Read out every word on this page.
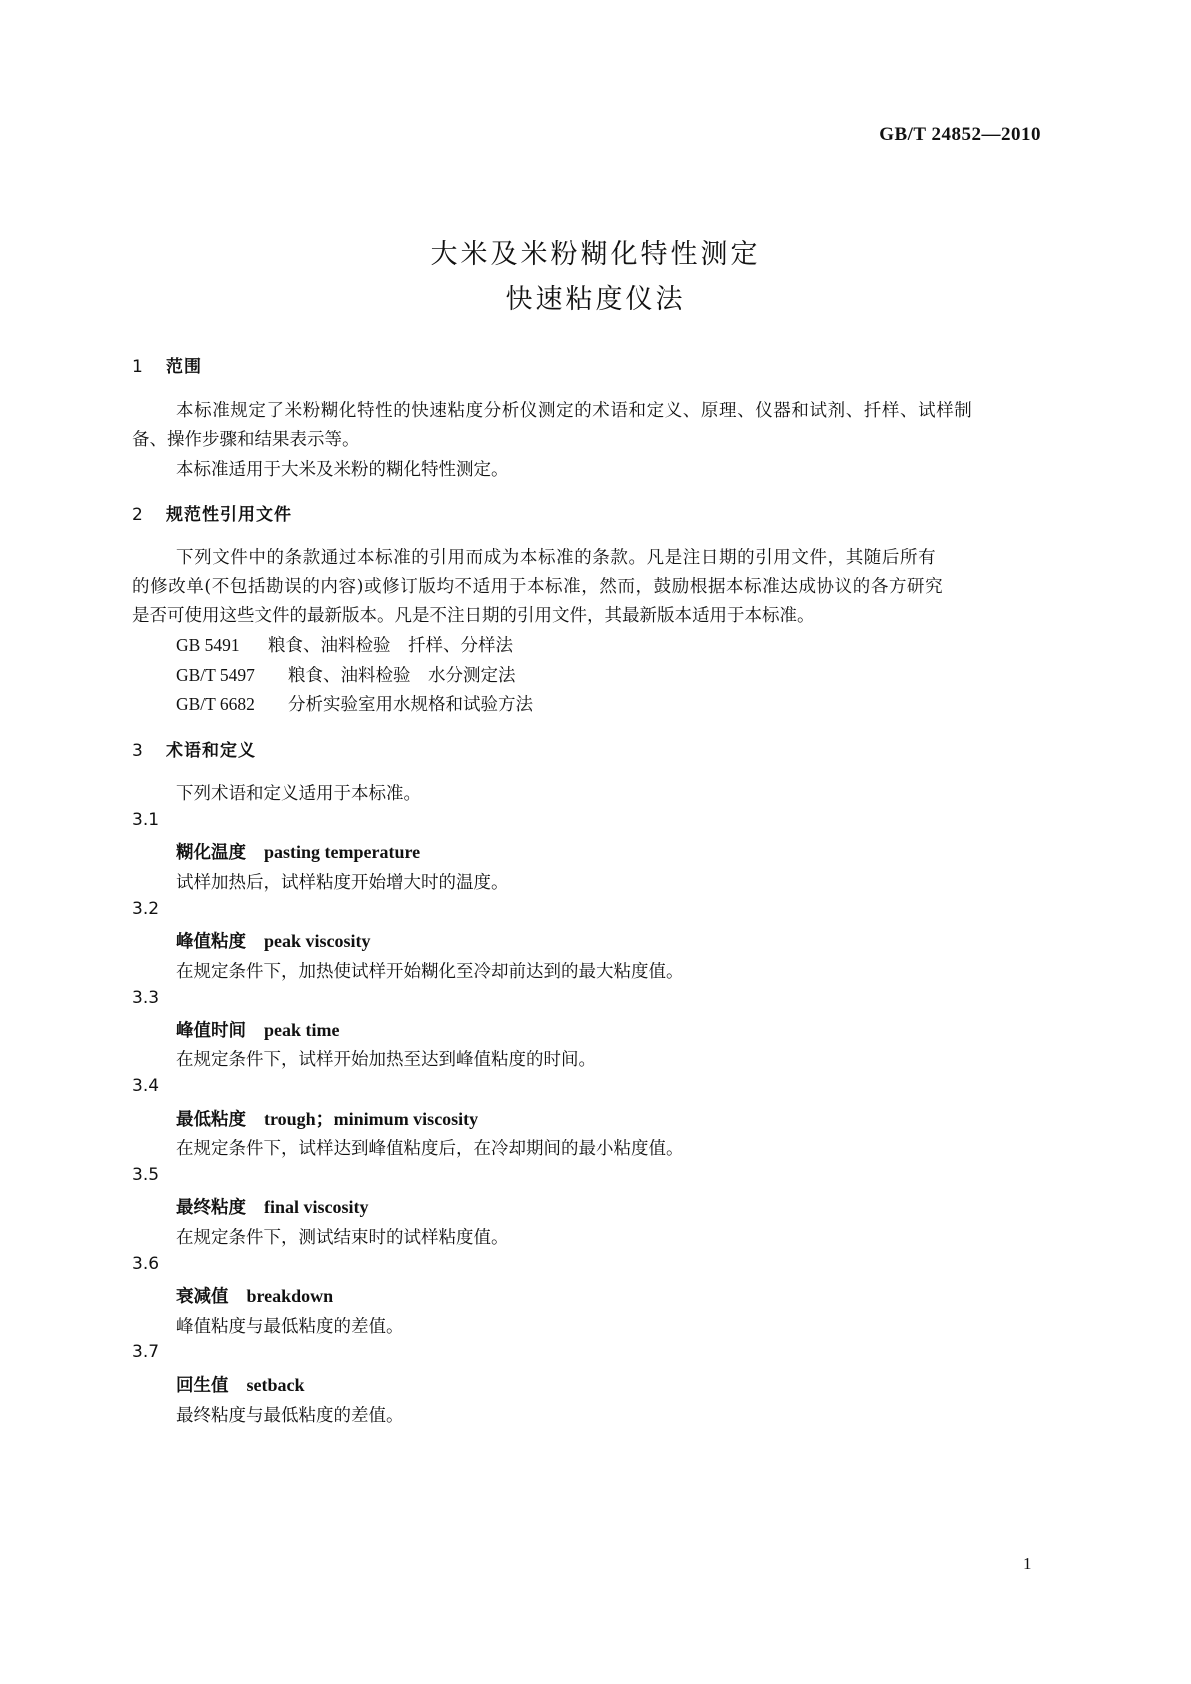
GB/T 24852—2010
大米及米粉糊化特性测定
快速粘度仪法
1 范围
本标准规定了米粉糊化特性的快速粘度分析仪测定的术语和定义、原理、仪器和试剂、扦样、试样制
备、操作步骤和结果表示等。
本标准适用于大米及米粉的糊化特性测定。
2 规范性引用文件
下列文件中的条款通过本标准的引用而成为本标准的条款。凡是注日期的引用文件，其随后所有
的修改单(不包括勘误的内容)或修订版均不适用于本标准，然而，鼓励根据本标准达成协议的各方研究
是否可使用这些文件的最新版本。凡是不注日期的引用文件，其最新版本适用于本标准。
GB 5491 粮食、油料检验　扦样、分样法
GB/T 5497 粮食、油料检验　水分测定法
GB/T 6682 分析实验室用水规格和试验方法
3 术语和定义
下列术语和定义适用于本标准。
3.1
糊化温度 pasting temperature
试样加热后，试样粘度开始增大时的温度。
3.2
峰值粘度 peak viscosity
在规定条件下，加热使试样开始糊化至冷却前达到的最大粘度值。
3.3
峰值时间 peak time
在规定条件下，试样开始加热至达到峰值粘度的时间。
3.4
最低粘度 trough；minimum viscosity
在规定条件下，试样达到峰值粘度后，在冷却期间的最小粘度值。
3.5
最终粘度 final viscosity
在规定条件下，测试结束时的试样粘度值。
3.6
衰减值 breakdown
峰值粘度与最低粘度的差值。
3.7
回生值 setback
最终粘度与最低粘度的差值。
1
